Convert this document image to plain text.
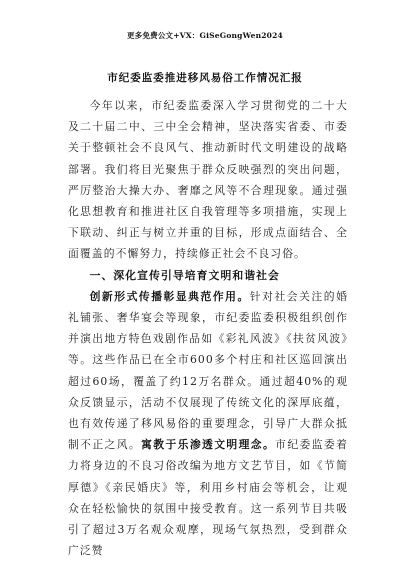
更多免费公文+VX：GiSeGongWen2024
市纪委监委推进移风易俗工作情况汇报

今年以来，市纪委监委深入学习贯彻党的二十大及二十届二中、三中全会精神，坚决落实省委、市委关于整顿社会不良风气、推动新时代文明建设的战略部署。我们将目光聚焦于群众反映强烈的突出问题，严厉整治大操大办、奢靡之风等不合理现象。通过强化思想教育和推进社区自我管理等多项措施，实现上下联动、纠正与树立并重的目标，形成点面结合、全面覆盖的不懈努力，持续修正社会不良习俗。

一、深化宣传引导培育文明和谐社会

创新形式传播彰显典范作用。针对社会关注的婚礼铺张、奢华宴会等现象，市纪委监委积极组织创作并演出地方特色戏剧作品如《彩礼风波》《扶贫风波》等。这些作品已在全市600多个村庄和社区巡回演出超过60场，覆盖了约12万名群众。通过超40%的观众反馈显示，活动不仅展现了传统文化的深厚底蕴，也有效传递了移风易俗的重要理念，引导广大群众抵制不正之风。寓教于乐渗透文明理念。市纪委监委着力将身边的不良习俗改编为地方文艺节目，如《节简厚德》《亲民婚庆》等，利用乡村庙会等机会，让观众在轻松愉快的氛围中接受教育。这一系列节目共吸引了超过3万名观众观摩，现场气氛热烈，受到群众广泛赞
